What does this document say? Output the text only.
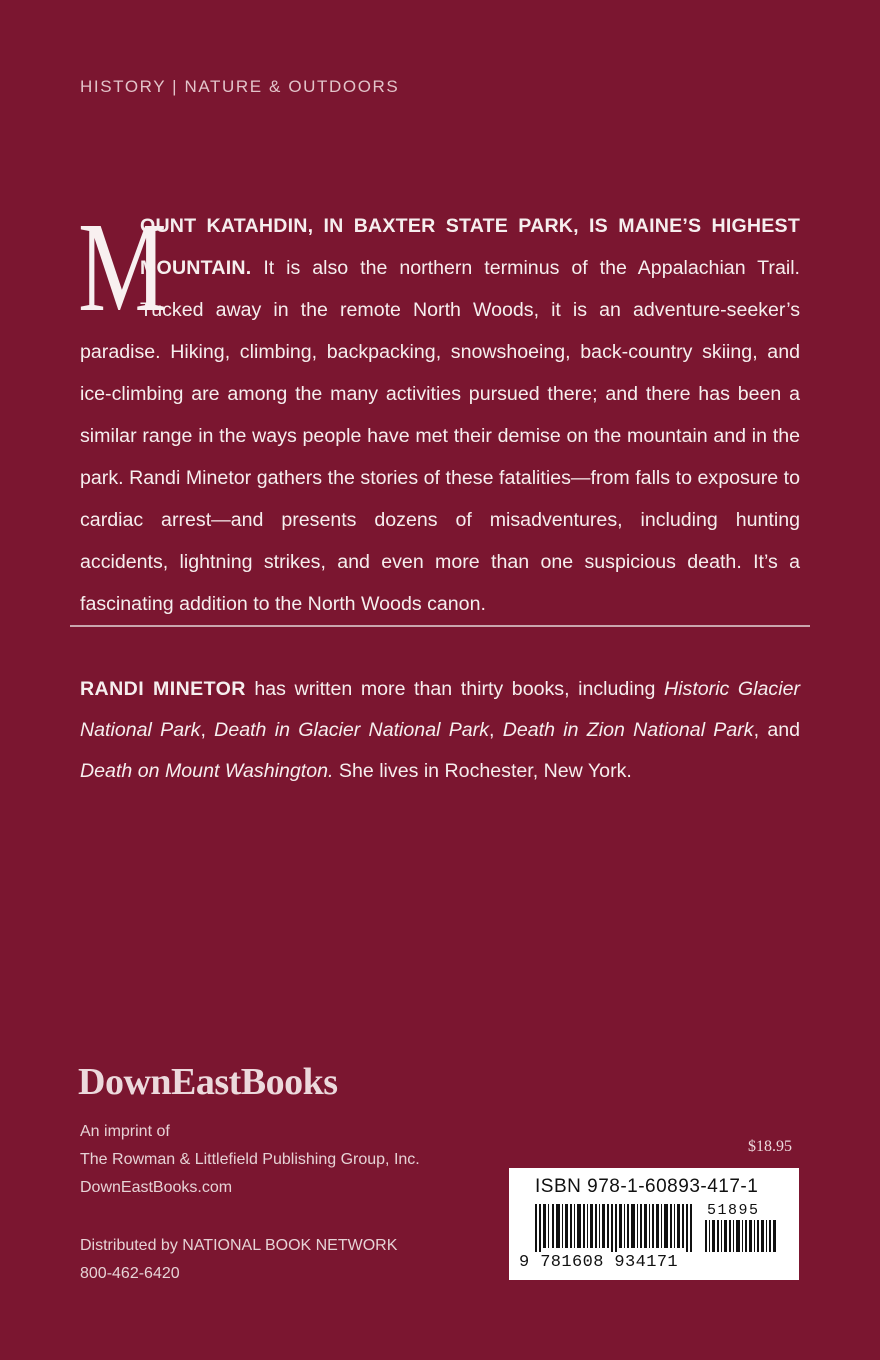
HISTORY | NATURE & OUTDOORS

M
OUNT KATAHDIN, IN BAXTER STATE PARK, IS MAINE’S HIGHEST MOUNTAIN. It is also the northern terminus of the Appalachian Trail. Tucked away in the remote North Woods, it is an adventure-seeker’s paradise. Hiking, climbing, backpacking, snowshoeing, back-country skiing, and ice-climbing are among the many activities pursued there; and there has been a similar range in the ways people have met their demise on the mountain and in the park. Randi Minetor gathers the stories of these fatalities—from falls to exposure to cardiac arrest—and presents dozens of misadventures, including hunting accidents, lightning strikes, and even more than one suspicious death. It’s a fascinating addition to the North Woods canon.

RANDI MINETOR has written more than thirty books, including Historic Glacier National Park, Death in Glacier National Park, Death in Zion National Park, and Death on Mount Washington. She lives in Rochester, New York.

DownEastBooks
An imprint of
The Rowman & Littlefield Publishing Group, Inc.
DownEastBooks.com
Distributed by NATIONAL BOOK NETWORK
800-462-6420
$18.95
ISBN 978-1-60893-417-1
51895
9 781608 934171
